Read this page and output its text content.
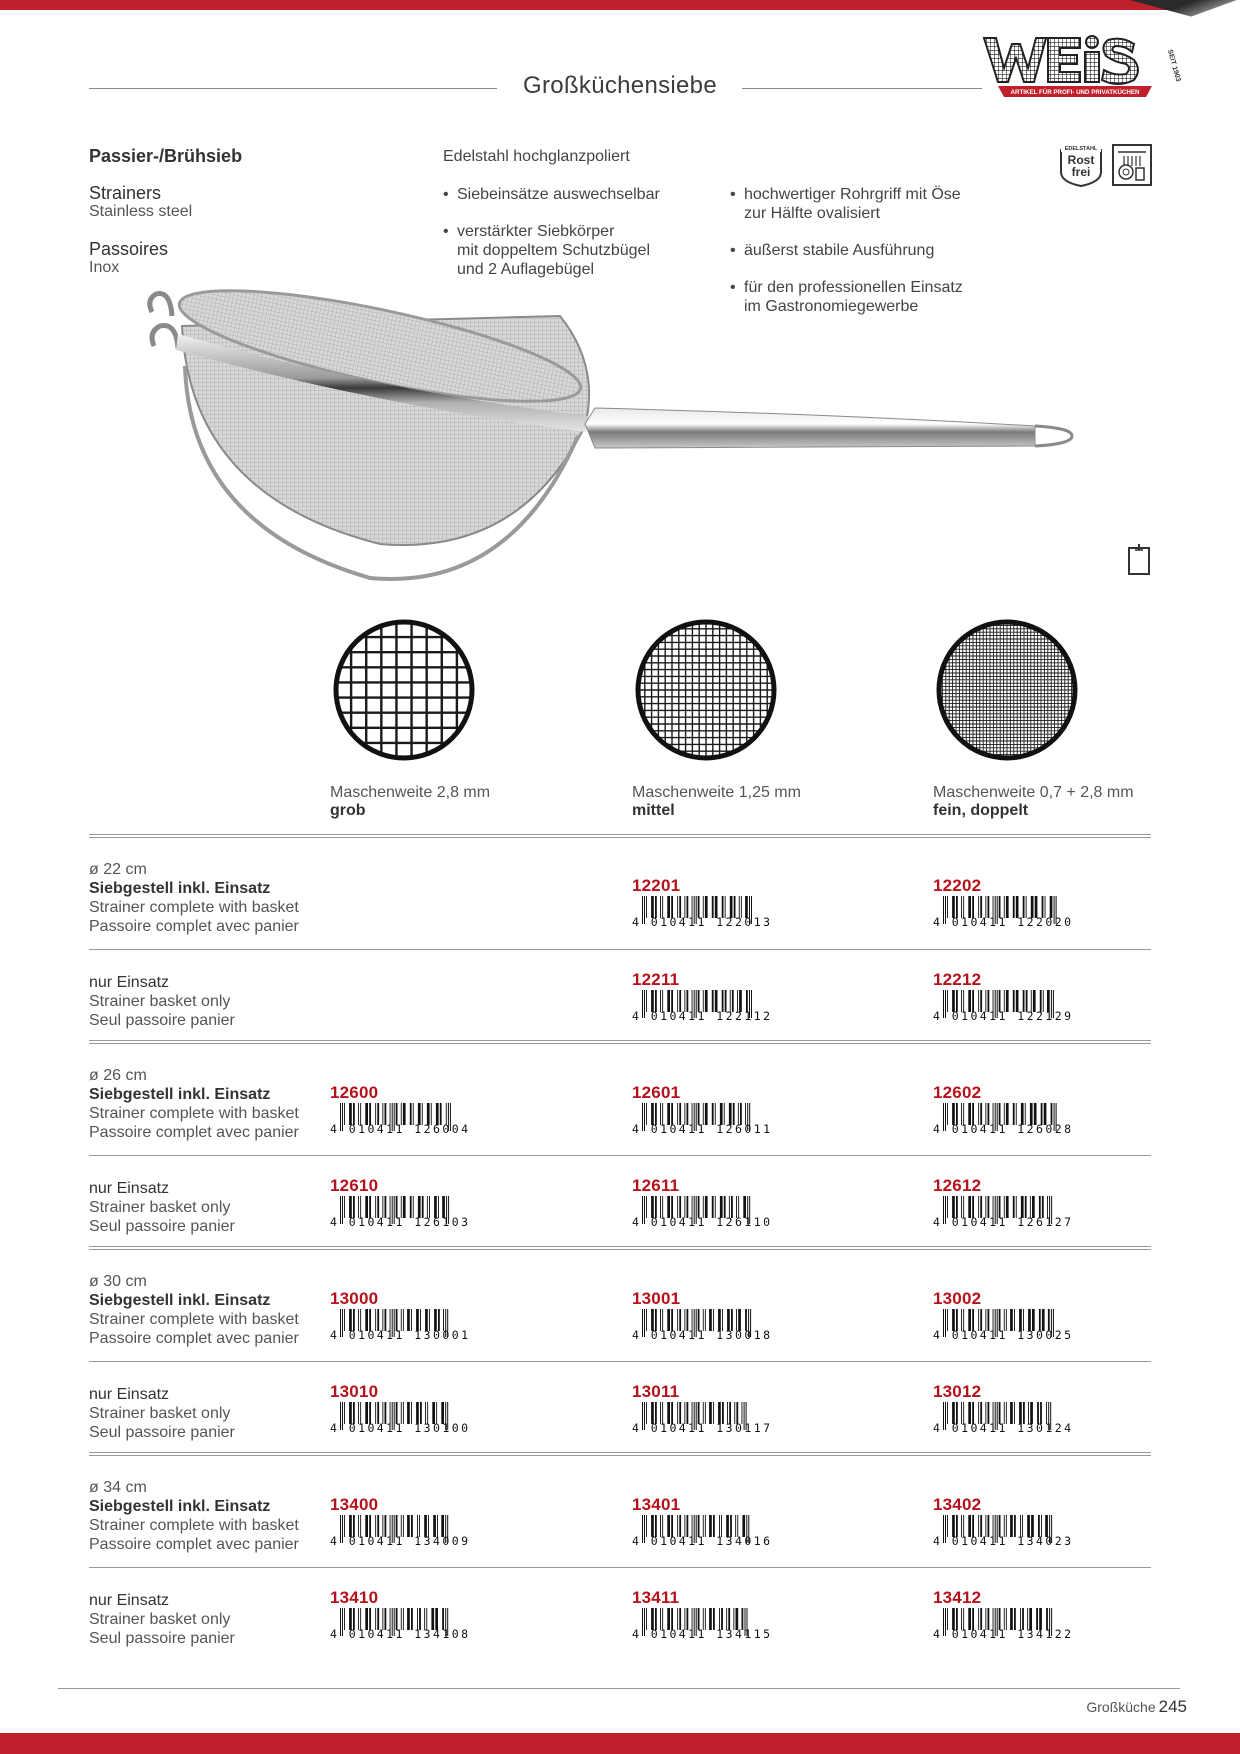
Großküchensiebe
SEIT 1903
ARTIKEL FÜR PROFI- UND PRIVATKÜCHEN
Passier-/Brühsieb
Strainers
Stainless steel
Passoires
Inox
Edelstahl hochglanzpoliert
• Siebeinsätze auswechselbar
• verstärkter Siebkörper
mit doppeltem Schutzbügel
und 2 Auflagebügel
• hochwertiger Rohrgriff mit Öse
zur Hälfte ovalisiert
• äußerst stabile Ausführung
• für den professionellen Einsatz
im Gastronomiegewerbe
EDELSTAHL
Rost
frei
Maschenweite 2,8 mm
grob
Maschenweite 1,25 mm
mittel
Maschenweite 0,7 + 2,8 mm
fein, doppelt
ø 22 cm
Siebgestell inkl. Einsatz
Strainer complete with basket
Passoire complet avec panier
nur Einsatz
Strainer basket only
Seul passoire panier
ø 26 cm
Siebgestell inkl. Einsatz
Strainer complete with basket
Passoire complet avec panier
nur Einsatz
Strainer basket only
Seul passoire panier
ø 30 cm
Siebgestell inkl. Einsatz
Strainer complete with basket
Passoire complet avec panier
nur Einsatz
Strainer basket only
Seul passoire panier
ø 34 cm
Siebgestell inkl. Einsatz
Strainer complete with basket
Passoire complet avec panier
nur Einsatz
Strainer basket only
Seul passoire panier
12201
4 010411 122013
12202
4 010411 122020
12211
4 010411 122112
12212
4 010411 122129
12600
4 010411 126004
12601
4 010411 126011
12602
4 010411 126028
12610
4 010411 126103
12611
4 010411 126110
12612
4 010411 126127
13000
4 010411 130001
13001
4 010411 130018
13002
4 010411 130025
13010
4 010411 130100
13011
4 010411 130117
13012
4 010411 130124
13400
4 010411 134009
13401
4 010411 134016
13402
4 010411 134023
13410
4 010411 134108
13411
4 010411 134115
13412
4 010411 134122
Großküche 245
